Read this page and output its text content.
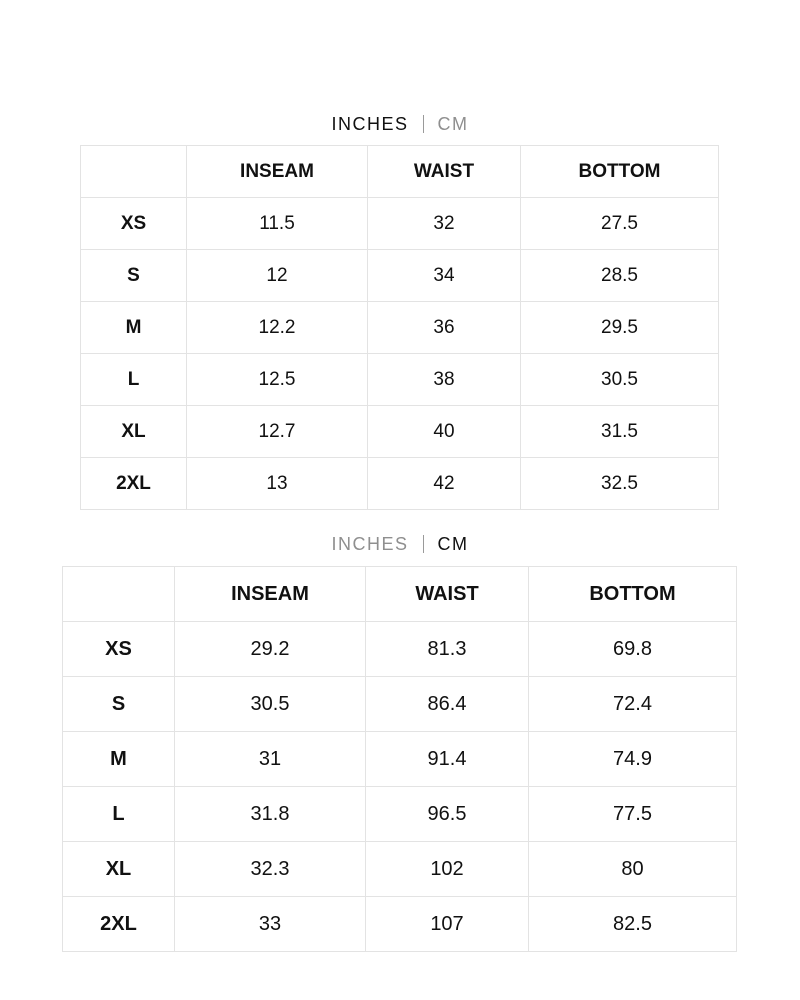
INCHES CM
	INSEAM	WAIST	BOTTOM
XS	11.5	32	27.5
S	12	34	28.5
M	12.2	36	29.5
L	12.5	38	30.5
XL	12.7	40	31.5
2XL	13	42	32.5
INCHES CM
	INSEAM	WAIST	BOTTOM
XS	29.2	81.3	69.8
S	30.5	86.4	72.4
M	31	91.4	74.9
L	31.8	96.5	77.5
XL	32.3	102	80
2XL	33	107	82.5
